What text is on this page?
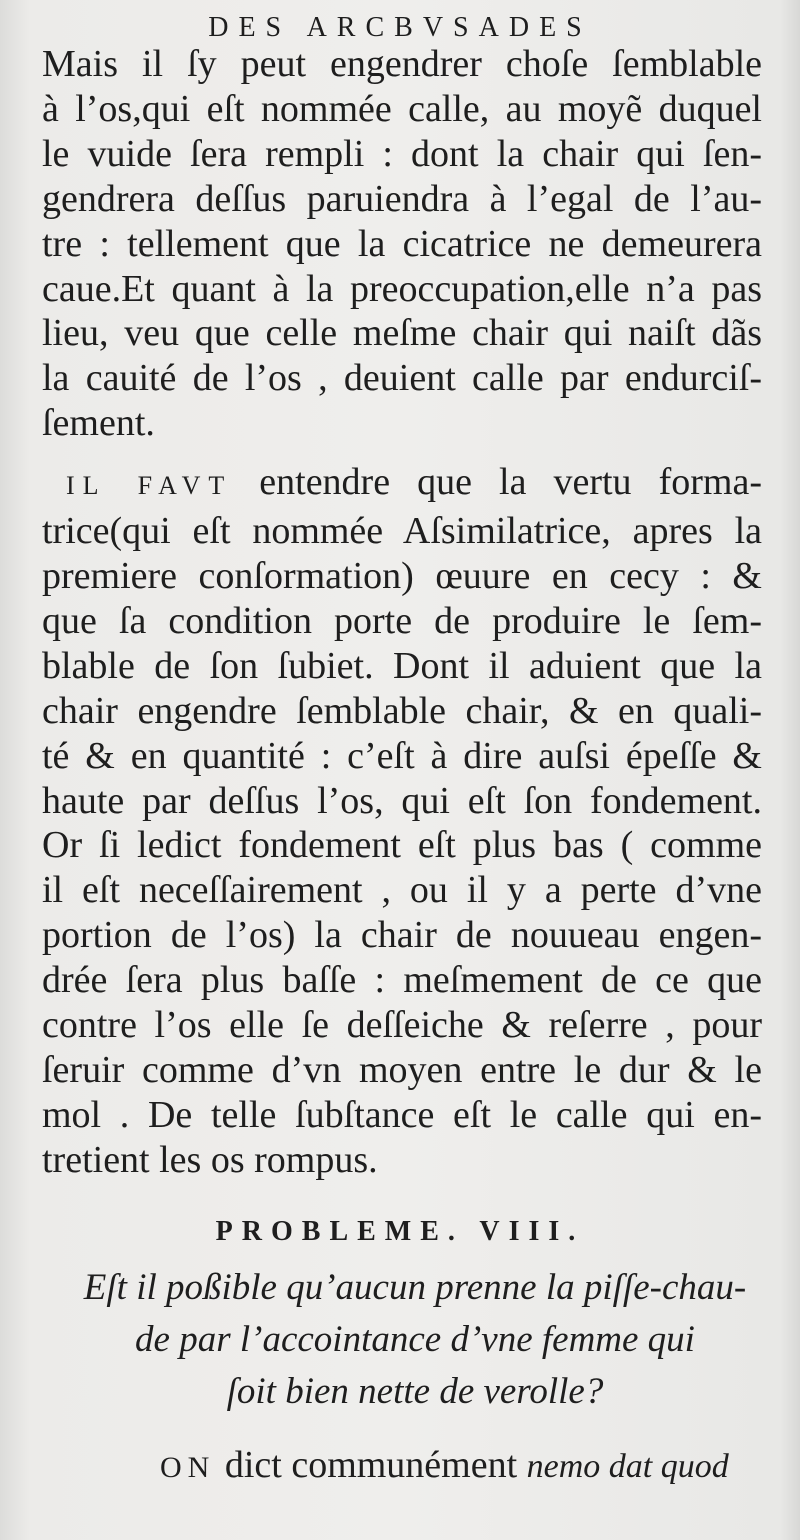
DES ARCBVSADES
Mais il ſy peut engendrer choſe ſemblable
à l’os,qui eſt nommée calle, au moyẽ duquel
le vuide ſera rempli : dont la chair qui ſen-
gendrera deſſus paruiendra à l’egal de l’au-
tre : tellement que la cicatrice ne demeurera
caue.Et quant à la preoccupation,elle n’a pas
lieu, veu que celle meſme chair qui naiſt dãs
la cauité de l’os , deuient calle par endurciſ-
ſement.
IL FAVT entendre que la vertu forma-
trice(qui eſt nommée Aſsimilatrice, apres la
premiere conſormation) œuure en cecy : &
que ſa condition porte de produire le ſem-
blable de ſon ſubiet. Dont il aduient que la
chair engendre ſemblable chair, & en quali-
té & en quantité : c’eſt à dire auſsi épeſſe &
haute par deſſus l’os, qui eſt ſon fondement.
Or ſi ledict fondement eſt plus bas ( comme
il eſt neceſſairement , ou il y a perte d’vne
portion de l’os) la chair de nouueau engen-
drée ſera plus baſſe : meſmement de ce que
contre l’os elle ſe deſſeiche & reſerre , pour
ſeruir comme d’vn moyen entre le dur & le
mol . De telle ſubſtance eſt le calle qui en-
tretient les os rompus.
PROBLEME. VIII.
Eſt il poßible qu’aucun prenne la piſſe-chau-
de par l’accointance d’vne femme qui
ſoit bien nette de verolle?
ON dict communément nemo dat quod
